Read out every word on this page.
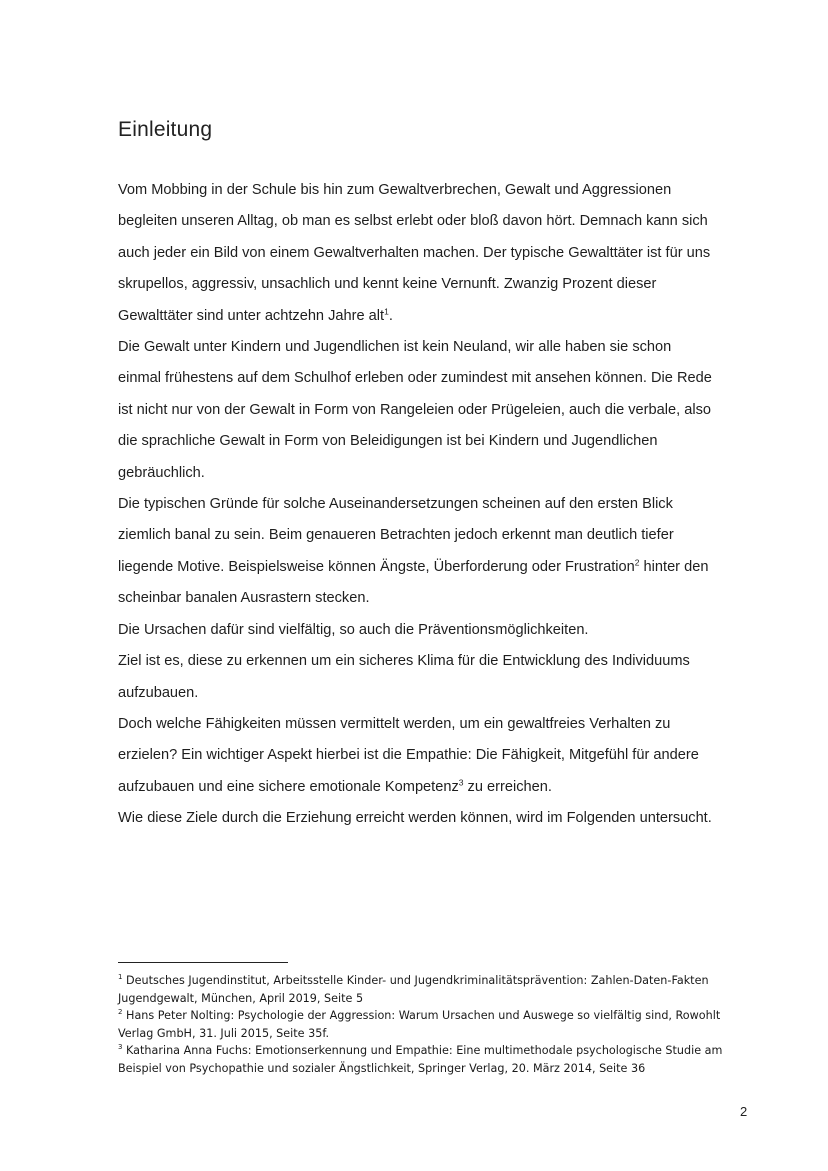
Einleitung
Vom Mobbing in der Schule bis hin zum Gewaltverbrechen, Gewalt und Aggressionen
begleiten unseren Alltag, ob man es selbst erlebt oder bloß davon hört. Demnach kann sich
auch jeder ein Bild von einem Gewaltverhalten machen. Der typische Gewalttäter ist für uns
skrupellos, aggressiv, unsachlich und kennt keine Vernunft. Zwanzig Prozent dieser
Gewalttäter sind unter achtzehn Jahre alt$^1$.
Die Gewalt unter Kindern und Jugendlichen ist kein Neuland, wir alle haben sie schon
einmal frühestens auf dem Schulhof erleben oder zumindest mit ansehen können. Die Rede
ist nicht nur von der Gewalt in Form von Rangeleien oder Prügeleien, auch die verbale, also
die sprachliche Gewalt in Form von Beleidigungen ist bei Kindern und Jugendlichen
gebräuchlich.
Die typischen Gründe für solche Auseinandersetzungen scheinen auf den ersten Blick
ziemlich banal zu sein. Beim genaueren Betrachten jedoch erkennt man deutlich tiefer
liegende Motive. Beispielsweise können Ängste, Überforderung oder Frustration$^2$ hinter den
scheinbar banalen Ausrastern stecken.
Die Ursachen dafür sind vielfältig, so auch die Präventionsmöglichkeiten.
Ziel ist es, diese zu erkennen um ein sicheres Klima für die Entwicklung des Individuums
aufzubauen.
Doch welche Fähigkeiten müssen vermittelt werden, um ein gewaltfreies Verhalten zu
erzielen? Ein wichtiger Aspekt hierbei ist die Empathie: Die Fähigkeit, Mitgefühl für andere
aufzubauen und eine sichere emotionale Kompetenz$^3$ zu erreichen.
Wie diese Ziele durch die Erziehung erreicht werden können, wird im Folgenden untersucht.

$^1$ Deutsches Jugendinstitut, Arbeitsstelle Kinder- und Jugendkriminalitätsprävention: Zahlen-Daten-Fakten
Jugendgewalt, München, April 2019, Seite 5

$^2$ Hans Peter Nolting: Psychologie der Aggression: Warum Ursachen und Auswege so vielfältig sind, Rowohlt
Verlag GmbH, 31. Juli 2015, Seite 35f.

$^3$ Katharina Anna Fuchs: Emotionserkennung und Empathie: Eine multimethodale psychologische Studie am
Beispiel von Psychopathie und sozialer Ängstlichkeit, Springer Verlag, 20. März 2014, Seite 36

2
